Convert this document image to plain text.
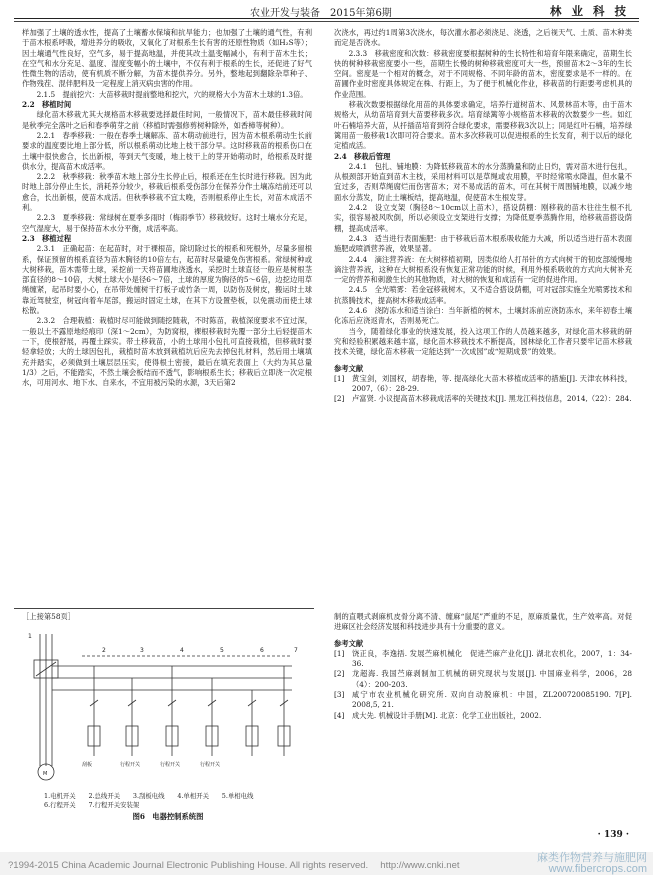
农业开发与装备　2015年第6期	林 业 科 技

样加强了土壤的透水性，提高了土壤蓄水保墒和抗旱能力；也加强了土壤的通气性，有利于苗木根系呼吸，增进养分的吸收，又氧化了对根系生长有害的还原性物质（如H₂S等）；因土壤通气性良好，空气多，易于提高地温，并使其改土温变幅减小，有利于苗木生长；在空气和水分充足、温度、湿度变幅小的土壤中，不仅有利于根系的生长，还促进了好气性微生物的活动，使有机质不断分解，为苗木提供养分。另外，整地起到翻除杂草种子、作物残茬、混伴肥料及一定程度上消灭病虫害的作用。

2.1.5　提前挖穴：大苗移栽时提前整地和挖穴，穴的规格大小为苗木土球的1.3倍。

2.2　移植时间

绿化苗木移栽尤其大规格苗木移栽要选择最佳时间，一般情况下，苗木最佳移栽时间是秋季完全落叶之后和春季萌芽之前（移植时需强修剪树种除外，如香樟等树种）。

2.2.1　春季移栽：一般在春季土壤解冻、苗木萌动前进行，因为苗木根系萌动生长前要求的温度要比地上部分低，所以根系萌动比地上枝干部分早。这时移栽苗的根系伤口在土壤中很快愈合，长出新根，等到天气变暖，地上枝干上的芽开始萌动时，给根系及时提供水分，提高苗木成活率。

2.2.2　秋季移栽：秋季苗木地上部分生长停止后，根系还在生长时进行移栽。因为此时地上部分停止生长，消耗养分较少，移栽后根系受伤部分在保养分作土壤冻结前还可以愈合，长出新根，使苗木成活。但秋季移栽不宜太晚，否则根系停止生长，对苗木成活不利。

2.2.3　夏季移栽：常绿树在夏季多雨时（梅雨季节）移栽较好。这时土壤水分充足，空气湿度大，易于保持苗木水分平衡，成活率高。

2.3　移植过程

2.3.1　正确起苗：在起苗时，对于裸根苗，除切除过长的根系和死根外，尽量多留根系，保证预留的根系直径为苗木胸径的10倍左右，起苗时尽量避免伤害根系。常绿树种或大树移栽，苗木需带土球，采挖前一天将苗圃地浇透水，采挖时土球直径一般应是树根茎部直径的8～10倍，大树土球大小是径6～7倍，土球的厚度为胸径的5～6倍，边挖边用草绳缠紧，起吊时要小心，在吊带处缠树干打板子或竹条一周，以防伤及树皮，搬运时土球靠近驾驶室，树冠向着车尾部，搬运时固定土球，在其下方设置垫板，以免震动而使土球松散。

2.3.2　合理栽植：栽植时尽可能做到随挖随栽，不时陈苗，栽植深度要求不宜过深，一般以土不露原地经痕印（深1～2cm），为防窝根，裸根移栽时先覆一部分土后轻提苗木一下，使根舒展，再覆土踩实。带土移栽苗，小的土球用小包扎可直接栽植，但移栽时要轻拿轻放；大的土球因包扎，栽植时苗木放到栽植坑后应先去掉包扎材料，然后用土壤填充并踏实，必须做到土壤层层压实，使得根土密接，最后在填充表面上（大约为其总量1/3）之后，不能踏实，不然土壤会板结而不透气，影响根系生长；移栽后立即浇一次定根水，可用河水、地下水、自来水，不宜用被污染的水源，3天后第2

次浇水，再过约1周第3次浇水，每次灌水都必须浇足、浇透，之后视天气、土质、苗木种类而定是否浇水。

2.3.3　移栽密度和次数：移栽密度要根据树种的生长特性和培育年限来确定，苗期生长快的树种移栽密度要小一些，苗期生长慢的树种移栽密度可大一些，预留苗木2～3年的生长空间。密度是一个相对的概念，对于不同规格、不同年龄的苗木，密度要求是不一样的。在苗圃作业时密度具体规定在株、行距上，为了便于机械化作业，移栽苗的行距要考虑机具的作业范围。

移栽次数要根据绿化用苗的具体要求确定，培养行道树苗木、风景林苗木等，由于苗木规格大，从幼苗培育到大苗要移栽多次。培育绿篱等小规格苗木移栽的次数要少一些。如红叶石楠培养大苗，从扦插苗培育到符合绿化要求，需要移栽3次以上；同是红叶石楠，培养绿篱用苗一般移栽1次即可符合要求。苗木多次移栽可以促进根系的生长发育，利于以后的绿化定植成活。

2.4　移栽后管理

2.4.1　包扎、铺地膜：为降低移栽苗木的水分蒸腾量和防止日灼，需对苗木进行包扎，从根颈部开始直到苗木主枝，采用材料可以是草绳或农用膜，平时经常喷水降温，但水量不宜过多，否则草绳腐烂而伤害苗木；对不易成活的苗木，可在其树干周围铺地膜，以减少地面水分蒸发，防止土壤板结，提高地温，促使苗木生根发芽。

2.4.2　设立支架（胸径8～10cm以上苗木），搭设荫棚：刚移栽的苗木往往生根不扎实，很容易被风吹倒，所以必须设立支架进行支撑；为降低夏季蒸腾作用，给移栽苗搭设荫棚，提高成活率。

2.4.3　适当进行表面施肥：由于移栽后苗木根系吸收能力大减，所以适当进行苗木表面施肥或喷洒营养液，效果显著。

2.4.4　滴注营养液：在大树移植初期，因类似给人打吊针的方式向树干的韧皮部缓慢地滴注营养液，这种在大树根系没有恢复正常功能的时候，利用外根系吸收的方式向大树补充一定的营养和刺激生长的其他物质，对大树的恢复和成活有一定的促进作用。

2.4.5　全光喷雾：若金冠移栽树木，又不适合搭设荫棚，可对冠部实施全光喷雾技术和抗蒸腾技术，提高树木移栽成活率。

2.4.6　浇防冻水和适当涂白：当年新植的树木，土壤封冻前应浇防冻水，来年初春土壤化冻后应浇返青水，否则易死亡。

当今，随着绿化事业的快速发展，投入这项工作的人员越来越多，对绿化苗木移栽的研究和经验积累越来越丰富，绿化苗木移栽技术不断提高，园林绿化工作者只要牢记苗木移栽技术关键，绿化苗木移栽一定能达到“一次成园”或“短期成景”的效果。

参考文献

[1]	黄宝剑，刘国权，胡春艳，等. 提高绿化大苗木移植成活率的措施[J]. 天津农林科技，2007,（6）：28-29.
[2]	卢富贤. 小议提高苗木移栽成活率的关键技术[J]. 黑龙江科技信息，2014,（22）：284.
［上接第58页］
1
2	3	4	5	6	7
M
刮板	行程开关	行程开关	行程开关
1.电机开关　　2.总线开关　　3.刮板电线　　4.单相开关　　5.单相电线
6.行程开关　　7.行程开关安装架
图6　电器控制系统图

制的直喂式剥麻机皮骨分离不清、缠麻“鼠尾”严重的不足，原麻质量优，生产效率高。对促进麻区社会经济发展和科技进步具有十分重要的意义。

参考文献

[1]	饶正良，李逸捂. 发展苎麻机械化　促进苎麻产业化[J]. 湖北农机化，2007，1：34-36.
[2]	龙超海. 我国苎麻剥制加工机械的研究现状与发展[J]. 中国麻业科学，2006，28（4）：200-203.
[3]	咸宁市农业机械化研究所. 双向自动脱麻机：中国，ZL200720085190. 7[P]. 2008,5, 21.
[4]	成大先. 机械设计手册[M]. 北京：化学工业出版社，2002.
· 139 ·
?1994-2015 China Academic Journal Electronic Publishing House. All rights reserved.　 http://www.cnki.net
麻类作物营养与施肥网
www.fibercrops.com
